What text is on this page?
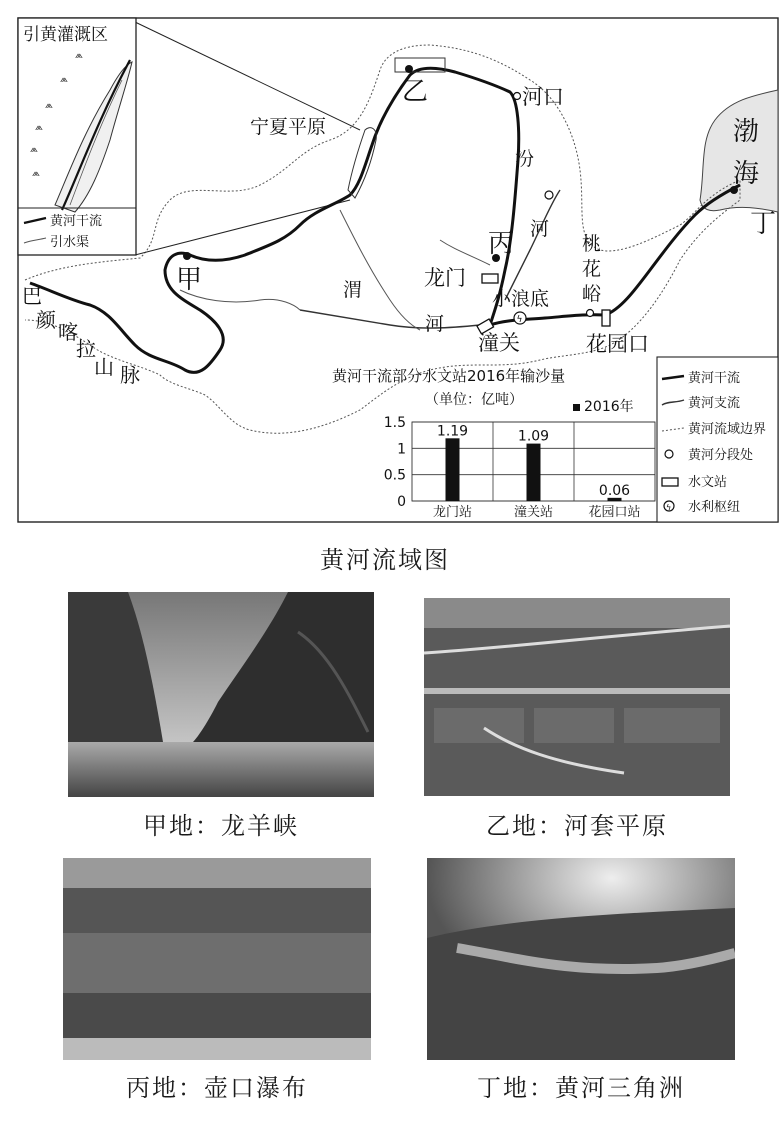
ϟ
渤
海
乙
甲
丙
丁
河口
宁夏平原
龙门
小浪底
潼关	花园口
桃
花
峪
汾
河
渭
河
巴
颜 喀
拉
山 脉
引黄灌溉区
⩕
⩕
⩕
⩕
⩕
⩕
黄河干流
引水渠
黄河干流部分水文站2016年输沙量
（单位：亿吨）	2016年
0
0.5
1
1.5
1.19
龙门站
1.09
潼关站
0.06
花园口站
黄河干流
黄河支流
黄河流域边界
黄河分段处
水文站
ϟ 水利枢纽
黄河流域图
甲地：龙羊峡	乙地：河套平原
丙地：壶口瀑布	丁地：黄河三角洲
